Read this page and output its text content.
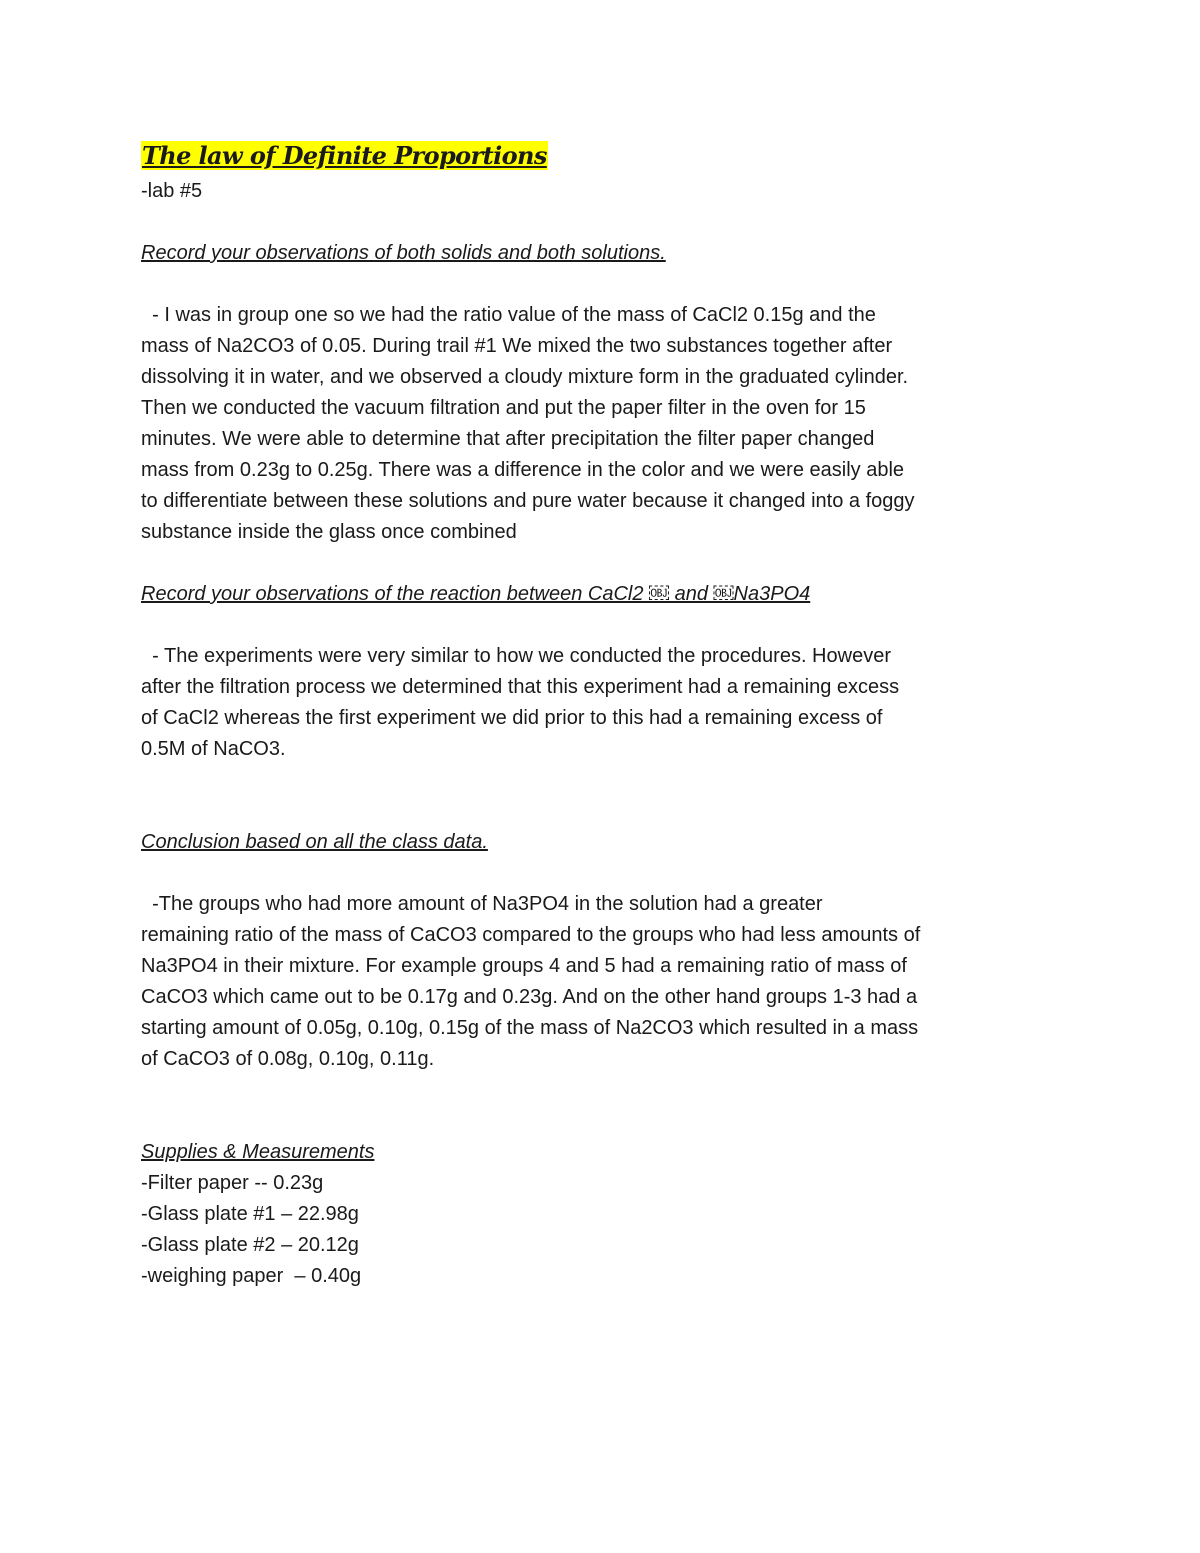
The law of Definite Proportions

-lab #5

Record your observations of both solids and both solutions.

- I was in group one so we had the ratio value of the mass of CaCl2 0.15g and the

mass of Na2CO3 of 0.05. During trail #1 We mixed the two substances together after

dissolving it in water, and we observed a cloudy mixture form in the graduated cylinder.

Then we conducted the vacuum filtration and put the paper filter in the oven for 15

minutes. We were able to determine that after precipitation the filter paper changed

mass from 0.23g to 0.25g. There was a difference in the color and we were easily able

to differentiate between these solutions and pure water because it changed into a foggy

substance inside the glass once combined

Record your observations of the reaction between CaCl2 ￼ and ￼Na3PO4

- The experiments were very similar to how we conducted the procedures. However

after the filtration process we determined that this experiment had a remaining excess

of CaCl2 whereas the first experiment we did prior to this had a remaining excess of

0.5M of NaCO3.

Conclusion based on all the class data.

-The groups who had more amount of Na3PO4 in the solution had a greater

remaining ratio of the mass of CaCO3 compared to the groups who had less amounts of

Na3PO4 in their mixture. For example groups 4 and 5 had a remaining ratio of mass of

CaCO3 which came out to be 0.17g and 0.23g. And on the other hand groups 1-3 had a

starting amount of 0.05g, 0.10g, 0.15g of the mass of Na2CO3 which resulted in a mass

of CaCO3 of 0.08g, 0.10g, 0.11g.

Supplies & Measurements

-Filter paper -- 0.23g

-Glass plate #1 – 22.98g

-Glass plate #2 – 20.12g

-weighing paper  – 0.40g
